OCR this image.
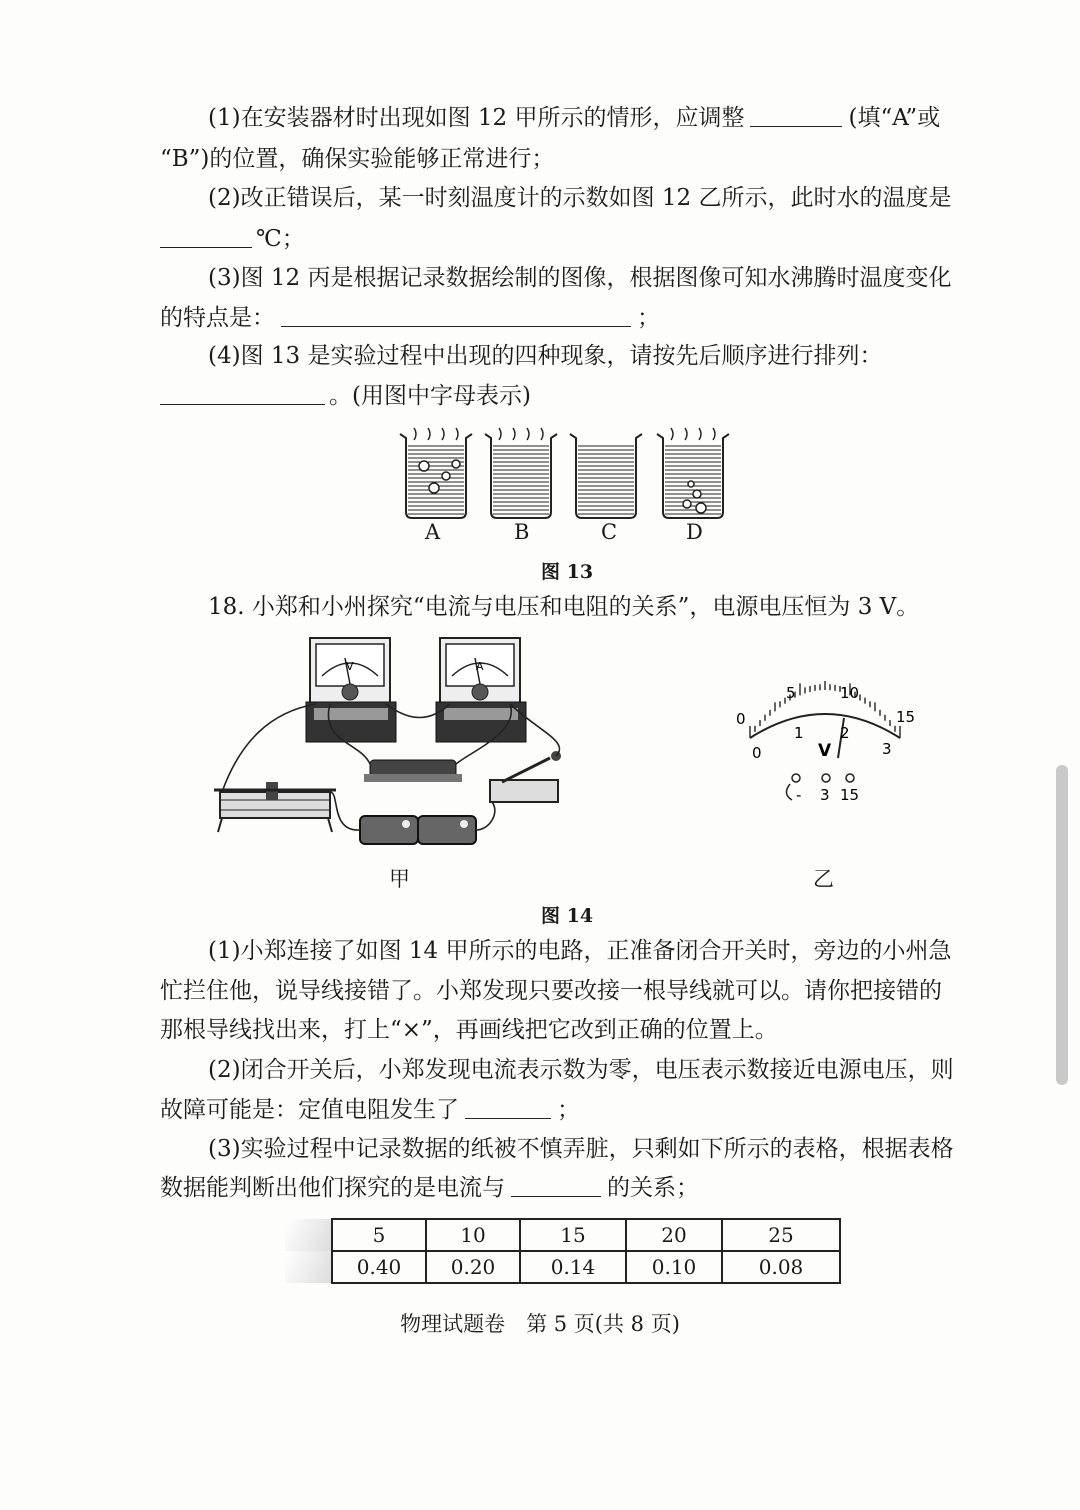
(1)在安装器材时出现如图 12 甲所示的情形，应调整	(填“A”或
“B”)的位置，确保实验能够正常进行；
(2)改正错误后，某一时刻温度计的示数如图 12 乙所示，此时水的温度是
℃；
(3)图 12 丙是根据记录数据绘制的图像，根据图像可知水沸腾时温度变化
的特点是：	；
(4)图 13 是实验过程中出现的四种现象，请按先后顺序进行排列：
。(用图中字母表示)
A	B	C	D
图 13
18. 小郑和小州探究“电流与电压和电阻的关系”，电源电压恒为 3 V。
V	A
甲
0
5	10
15
0
1 2
3
V
- 3 15
乙
图 14
(1)小郑连接了如图 14 甲所示的电路，正准备闭合开关时，旁边的小州急
忙拦住他，说导线接错了。小郑发现只要改接一根导线就可以。请你把接错的
那根导线找出来，打上“×”，再画线把它改到正确的位置上。
(2)闭合开关后，小郑发现电流表示数为零，电压表示数接近电源电压，则
故障可能是：定值电阻发生了	；
(3)实验过程中记录数据的纸被不慎弄脏，只剩如下所示的表格，根据表格
数据能判断出他们探究的是电流与	的关系；
	5	10	15	20	25
	0.40	0.20	0.14	0.10	0.08
物理试题卷　第 5 页(共 8 页)
